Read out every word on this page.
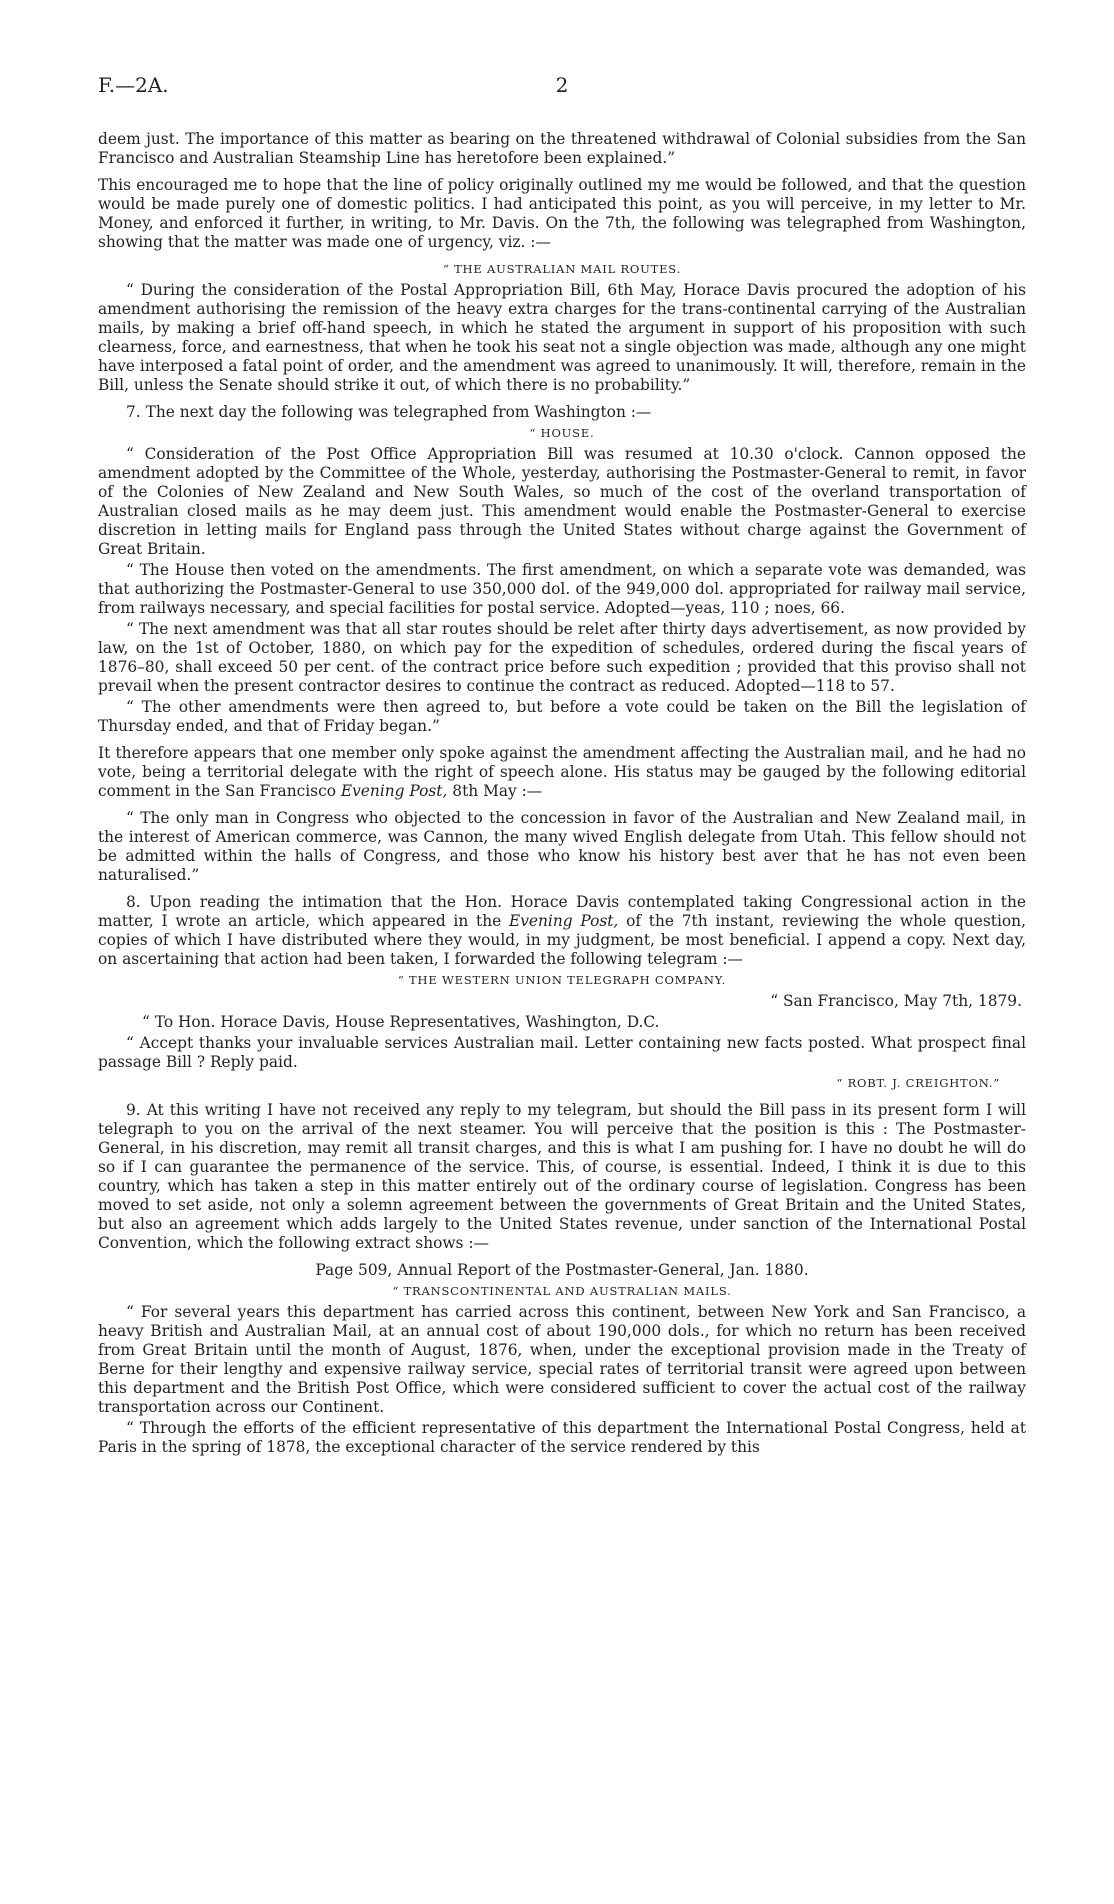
F.—2A.	2

deem just. The importance of this matter as bearing on the threatened withdrawal of Colonial subsidies from the San Francisco and Australian Steamship Line has heretofore been explained.”

This encouraged me to hope that the line of policy originally outlined my me would be followed, and that the question would be made purely one of domestic politics. I had anticipated this point, as you will perceive, in my letter to Mr. Money, and enforced it further, in writing, to Mr. Davis. On the 7th, the following was telegraphed from Washington, showing that the matter was made one of urgency, viz. :—

“ THE AUSTRALIAN MAIL ROUTES.

“ During the consideration of the Postal Appropriation Bill, 6th May, Horace Davis procured the adoption of his amendment authorising the remission of the heavy extra charges for the trans-continental carrying of the Australian mails, by making a brief off-hand speech, in which he stated the argument in support of his proposition with such clearness, force, and earnestness, that when he took his seat not a single objection was made, although any one might have interposed a fatal point of order, and the amendment was agreed to unanimously. It will, therefore, remain in the Bill, unless the Senate should strike it out, of which there is no probability.”

7. The next day the following was telegraphed from Washington :—

“ HOUSE.

“ Consideration of the Post Office Appropriation Bill was resumed at 10.30 o'clock. Cannon opposed the amendment adopted by the Committee of the Whole, yesterday, authorising the Postmaster-General to remit, in favor of the Colonies of New Zealand and New South Wales, so much of the cost of the overland transportation of Australian closed mails as he may deem just. This amendment would enable the Postmaster-General to exercise discretion in letting mails for England pass through the United States without charge against the Government of Great Britain.

“ The House then voted on the amendments. The first amendment, on which a separate vote was demanded, was that authorizing the Postmaster-General to use 350,000 dol. of the 949,000 dol. appropriated for railway mail service, from railways necessary, and special facilities for postal service. Adopted—yeas, 110 ; noes, 66.

“ The next amendment was that all star routes should be relet after thirty days advertisement, as now provided by law, on the 1st of October, 1880, on which pay for the expedition of schedules, ordered during the fiscal years of 1876–80, shall exceed 50 per cent. of the contract price before such expedition ; provided that this proviso shall not prevail when the present contractor desires to continue the contract as reduced. Adopted—118 to 57.

“ The other amendments were then agreed to, but before a vote could be taken on the Bill the legislation of Thursday ended, and that of Friday began.”

It therefore appears that one member only spoke against the amendment affecting the Australian mail, and he had no vote, being a territorial delegate with the right of speech alone. His status may be gauged by the following editorial comment in the San Francisco Evening Post, 8th May :—

“ The only man in Congress who objected to the concession in favor of the Australian and New Zealand mail, in the interest of American commerce, was Cannon, the many wived English delegate from Utah. This fellow should not be admitted within the halls of Congress, and those who know his history best aver that he has not even been naturalised.”

8. Upon reading the intimation that the Hon. Horace Davis contemplated taking Congressional action in the matter, I wrote an article, which appeared in the Evening Post, of the 7th instant, reviewing the whole question, copies of which I have distributed where they would, in my judgment, be most beneficial. I append a copy. Next day, on ascertaining that action had been taken, I forwarded the following telegram :—

“ THE WESTERN UNION TELEGRAPH COMPANY.

“ San Francisco, May 7th, 1879.

“ To Hon. Horace Davis, House Representatives, Washington, D.C.

“ Accept thanks your invaluable services Australian mail. Letter containing new facts posted. What prospect final passage Bill ? Reply paid.

“ ROBT. J. CREIGHTON.”

9. At this writing I have not received any reply to my telegram, but should the Bill pass in its present form I will telegraph to you on the arrival of the next steamer. You will perceive that the position is this : The Postmaster-General, in his discretion, may remit all transit charges, and this is what I am pushing for. I have no doubt he will do so if I can guarantee the permanence of the service. This, of course, is essential. Indeed, I think it is due to this country, which has taken a step in this matter entirely out of the ordinary course of legislation. Congress has been moved to set aside, not only a solemn agreement between the governments of Great Britain and the United States, but also an agreement which adds largely to the United States revenue, under sanction of the International Postal Convention, which the following extract shows :—

Page 509, Annual Report of the Postmaster-General, Jan. 1880.

“ TRANSCONTINENTAL AND AUSTRALIAN MAILS.

“ For several years this department has carried across this continent, between New York and San Francisco, a heavy British and Australian Mail, at an annual cost of about 190,000 dols., for which no return has been received from Great Britain until the month of August, 1876, when, under the exceptional provision made in the Treaty of Berne for their lengthy and expensive railway service, special rates of territorial transit were agreed upon between this department and the British Post Office, which were considered sufficient to cover the actual cost of the railway transportation across our Continent.

“ Through the efforts of the efficient representative of this department the International Postal Congress, held at Paris in the spring of 1878, the exceptional character of the service rendered by this
